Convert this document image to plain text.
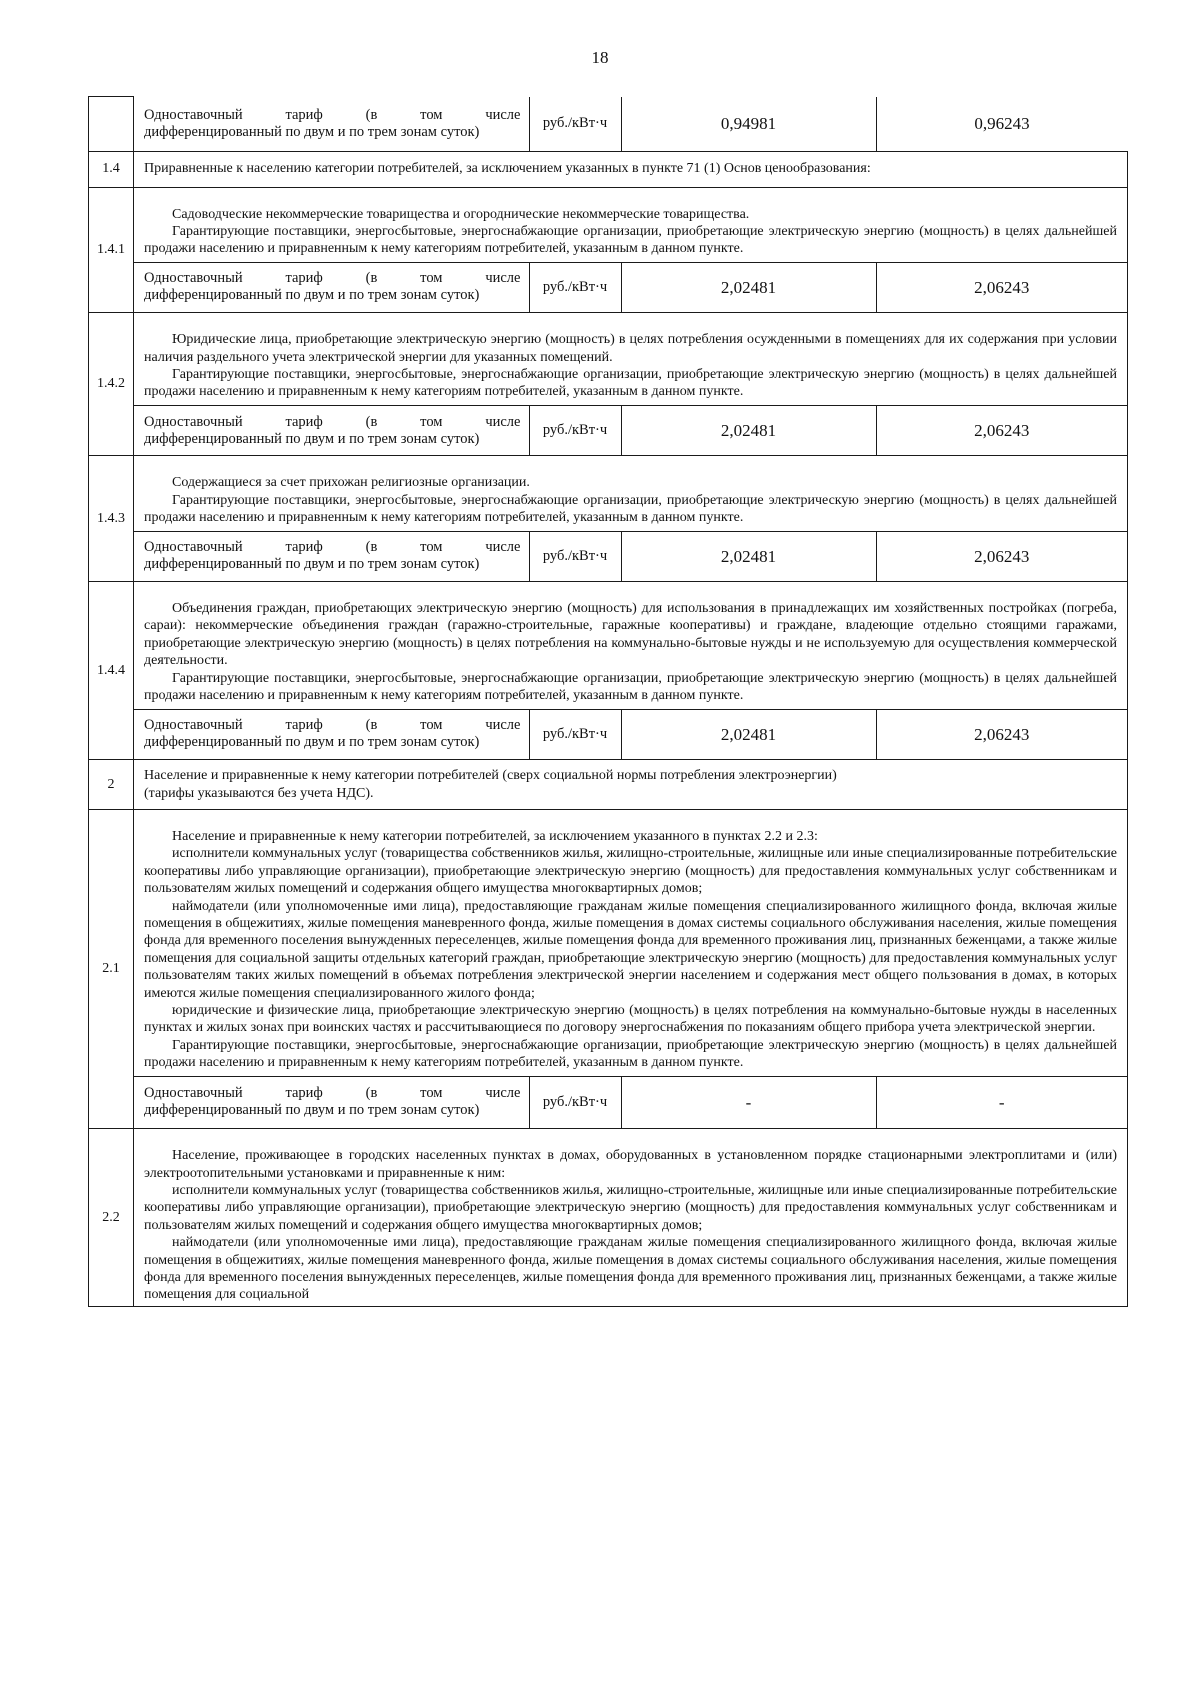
18

Одноставочный	тариф	(в	том	числе
дифференцированный по двум и по трем зонам суток)
	руб./кВт·ч	0,94981	0,96243

1.4	Приравненные к населению категории потребителей, за исключением указанных в пункте 71 (1) Основ ценообразования:
1.4.1	

Садоводческие некоммерческие товарищества и огороднические некоммерческие товарищества.

Гарантирующие поставщики, энергосбытовые, энергоснабжающие организации, приобретающие электрическую энергию (мощность) в целях дальнейшей продажи населению и приравненным к нему категориям потребителей, указанным в данном пункте.

Одноставочный	тариф	(в	том	числе
дифференцированный по двум и по трем зонам суток)
	руб./кВт·ч	2,02481	2,06243

1.4.2	

Юридические лица, приобретающие электрическую энергию (мощность) в целях потребления осужденными в помещениях для их содержания при условии наличия раздельного учета электрической энергии для указанных помещений.

Гарантирующие поставщики, энергосбытовые, энергоснабжающие организации, приобретающие электрическую энергию (мощность) в целях дальнейшей продажи населению и приравненным к нему категориям потребителей, указанным в данном пункте.

Одноставочный	тариф	(в	том	числе
дифференцированный по двум и по трем зонам суток)
	руб./кВт·ч	2,02481	2,06243

1.4.3	

Содержащиеся за счет прихожан религиозные организации.

Гарантирующие поставщики, энергосбытовые, энергоснабжающие организации, приобретающие электрическую энергию (мощность) в целях дальнейшей продажи населению и приравненным к нему категориям потребителей, указанным в данном пункте.

Одноставочный	тариф	(в	том	числе
дифференцированный по двум и по трем зонам суток)
	руб./кВт·ч	2,02481	2,06243

1.4.4	

Объединения граждан, приобретающих электрическую энергию (мощность) для использования в принадлежащих им хозяйственных постройках (погреба, сараи): некоммерческие объединения граждан (гаражно-строительные, гаражные кооперативы) и граждане, владеющие отдельно стоящими гаражами, приобретающие электрическую энергию (мощность) в целях потребления на коммунально-бытовые нужды и не используемую для осуществления коммерческой деятельности.

Гарантирующие поставщики, энергосбытовые, энергоснабжающие организации, приобретающие электрическую энергию (мощность) в целях дальнейшей продажи населению и приравненным к нему категориям потребителей, указанным в данном пункте.

Одноставочный	тариф	(в	том	числе
дифференцированный по двум и по трем зонам суток)
	руб./кВт·ч	2,02481	2,06243

2	
Население и приравненные к нему категории потребителей (сверх социальной нормы потребления электроэнергии)
(тарифы указываются без учета НДС).

2.1	

Население и приравненные к нему категории потребителей, за исключением указанного в пунктах 2.2 и 2.3:

исполнители коммунальных услуг (товарищества собственников жилья, жилищно-строительные, жилищные или иные специализированные потребительские кооперативы либо управляющие организации), приобретающие электрическую энергию (мощность) для предоставления коммунальных услуг собственникам и пользователям жилых помещений и содержания общего имущества многоквартирных домов;

наймодатели (или уполномоченные ими лица), предоставляющие гражданам жилые помещения специализированного жилищного фонда, включая жилые помещения в общежитиях, жилые помещения маневренного фонда, жилые помещения в домах системы социального обслуживания населения, жилые помещения фонда для временного поселения вынужденных переселенцев, жилые помещения фонда для временного проживания лиц, признанных беженцами, а также жилые помещения для социальной защиты отдельных категорий граждан, приобретающие электрическую энергию (мощность) для предоставления коммунальных услуг пользователям таких жилых помещений в объемах потребления электрической энергии населением и содержания мест общего пользования в домах, в которых имеются жилые помещения специализированного жилого фонда;

юридические и физические лица, приобретающие электрическую энергию (мощность) в целях потребления на коммунально-бытовые нужды в населенных пунктах и жилых зонах при воинских частях и рассчитывающиеся по договору энергоснабжения по показаниям общего прибора учета электрической энергии.

Гарантирующие поставщики, энергосбытовые, энергоснабжающие организации, приобретающие электрическую энергию (мощность) в целях дальнейшей продажи населению и приравненным к нему категориям потребителей, указанным в данном пункте.

Одноставочный	тариф	(в	том	числе
дифференцированный по двум и по трем зонам суток)
	руб./кВт·ч	-	-

2.2	

Население, проживающее в городских населенных пунктах в домах, оборудованных в установленном порядке стационарными электроплитами и (или) электроотопительными установками и приравненные к ним:

исполнители коммунальных услуг (товарищества собственников жилья, жилищно-строительные, жилищные или иные специализированные потребительские кооперативы либо управляющие организации), приобретающие электрическую энергию (мощность) для предоставления коммунальных услуг собственникам и пользователям жилых помещений и содержания общего имущества многоквартирных домов;

наймодатели (или уполномоченные ими лица), предоставляющие гражданам жилые помещения специализированного жилищного фонда, включая жилые помещения в общежитиях, жилые помещения маневренного фонда, жилые помещения в домах системы социального обслуживания населения, жилые помещения фонда для временного поселения вынужденных переселенцев, жилые помещения фонда для временного проживания лиц, признанных беженцами, а также жилые помещения для социальной
